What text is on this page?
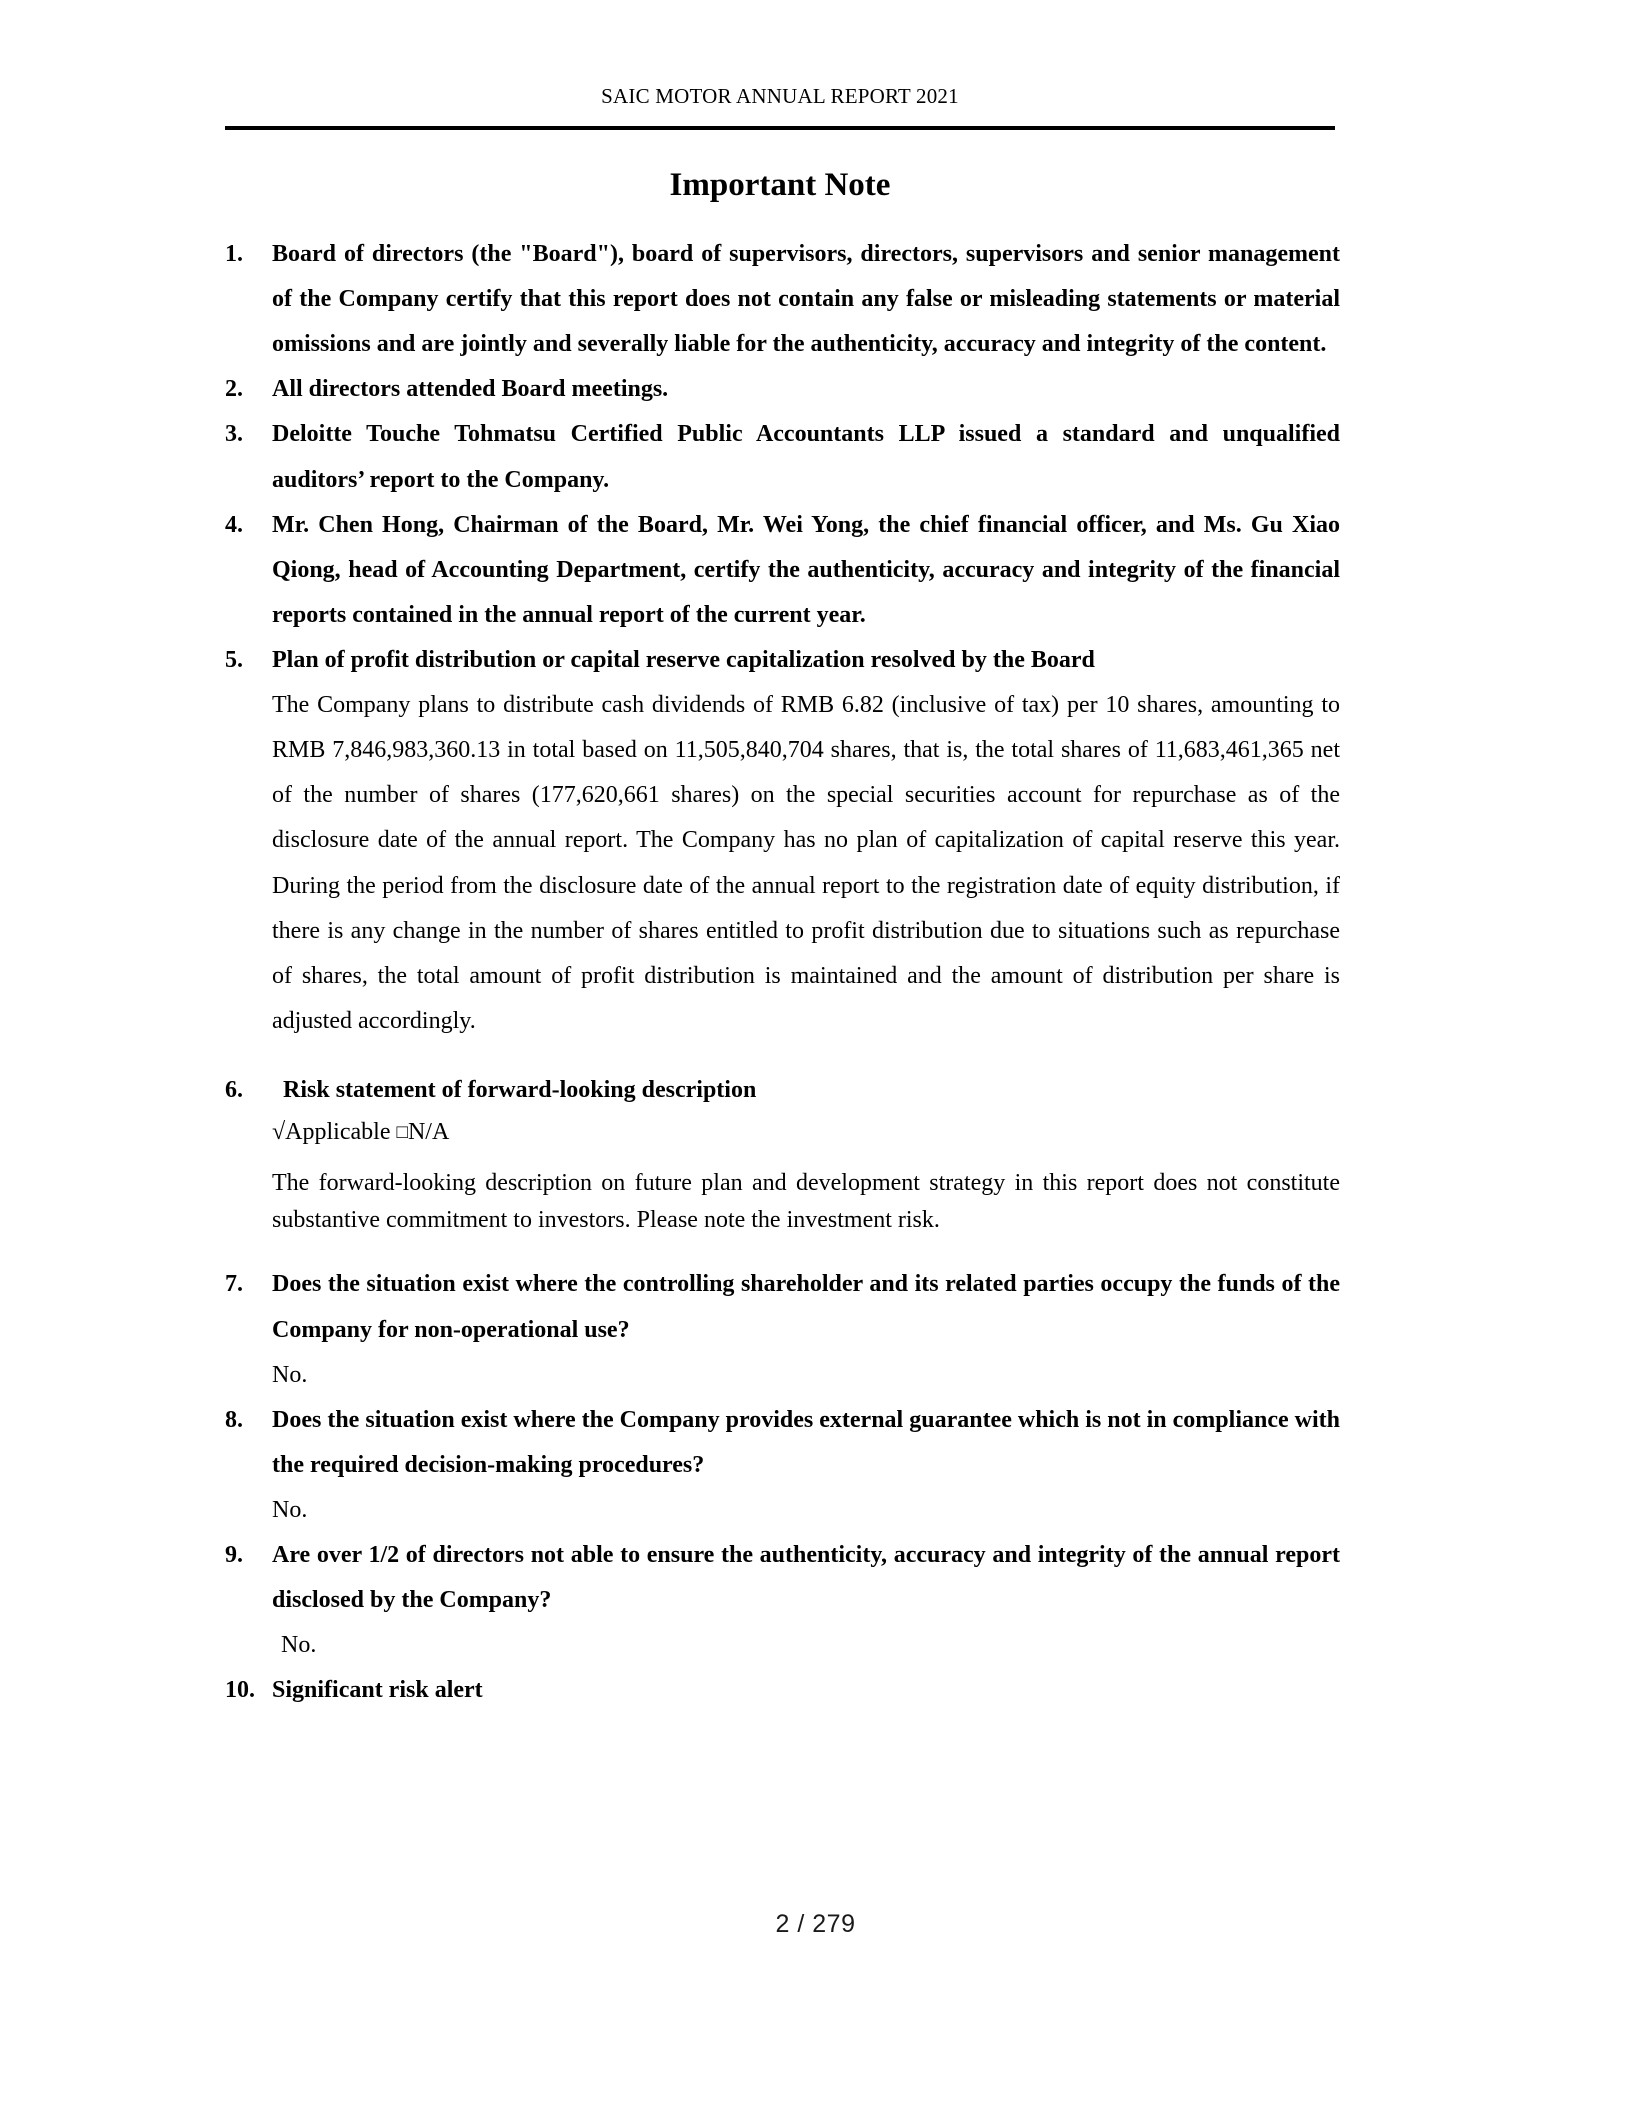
SAIC MOTOR ANNUAL REPORT 2021
Important Note
1.	Board of directors (the "Board"), board of supervisors, directors, supervisors and senior management of the Company certify that this report does not contain any false or misleading statements or material omissions and are jointly and severally liable for the authenticity, accuracy and integrity of the content.

2.	All directors attended Board meetings.

3.	Deloitte Touche Tohmatsu Certified Public Accountants LLP issued a standard and unqualified auditors’ report to the Company.

4.	Mr. Chen Hong, Chairman of the Board, Mr. Wei Yong, the chief financial officer, and Ms. Gu Xiao Qiong, head of Accounting Department, certify the authenticity, accuracy and integrity of the financial reports contained in the annual report of the current year.

5.	Plan of profit distribution or capital reserve capitalization resolved by the Board

The Company plans to distribute cash dividends of RMB 6.82 (inclusive of tax) per 10 shares, amounting to RMB 7,846,983,360.13 in total based on 11,505,840,704 shares, that is, the total shares of 11,683,461,365 net of the number of shares (177,620,661 shares) on the special securities account for repurchase as of the disclosure date of the annual report. The Company has no plan of capitalization of capital reserve this year. During the period from the disclosure date of the annual report to the registration date of equity distribution, if there is any change in the number of shares entitled to profit distribution due to situations such as repurchase of shares, the total amount of profit distribution is maintained and the amount of distribution per share is adjusted accordingly.

6.	Risk statement of forward-looking description

√Applicable □N/A

The forward-looking description on future plan and development strategy in this report does not constitute substantive commitment to investors. Please note the investment risk.

7.	Does the situation exist where the controlling shareholder and its related parties occupy the funds of the Company for non-operational use?

No.

8.	Does the situation exist where the Company provides external guarantee which is not in compliance with the required decision-making procedures?

No.

9.	Are over 1/2 of directors not able to ensure the authenticity, accuracy and integrity of the annual report disclosed by the Company?

No.

10. Significant risk alert

2 / 279
